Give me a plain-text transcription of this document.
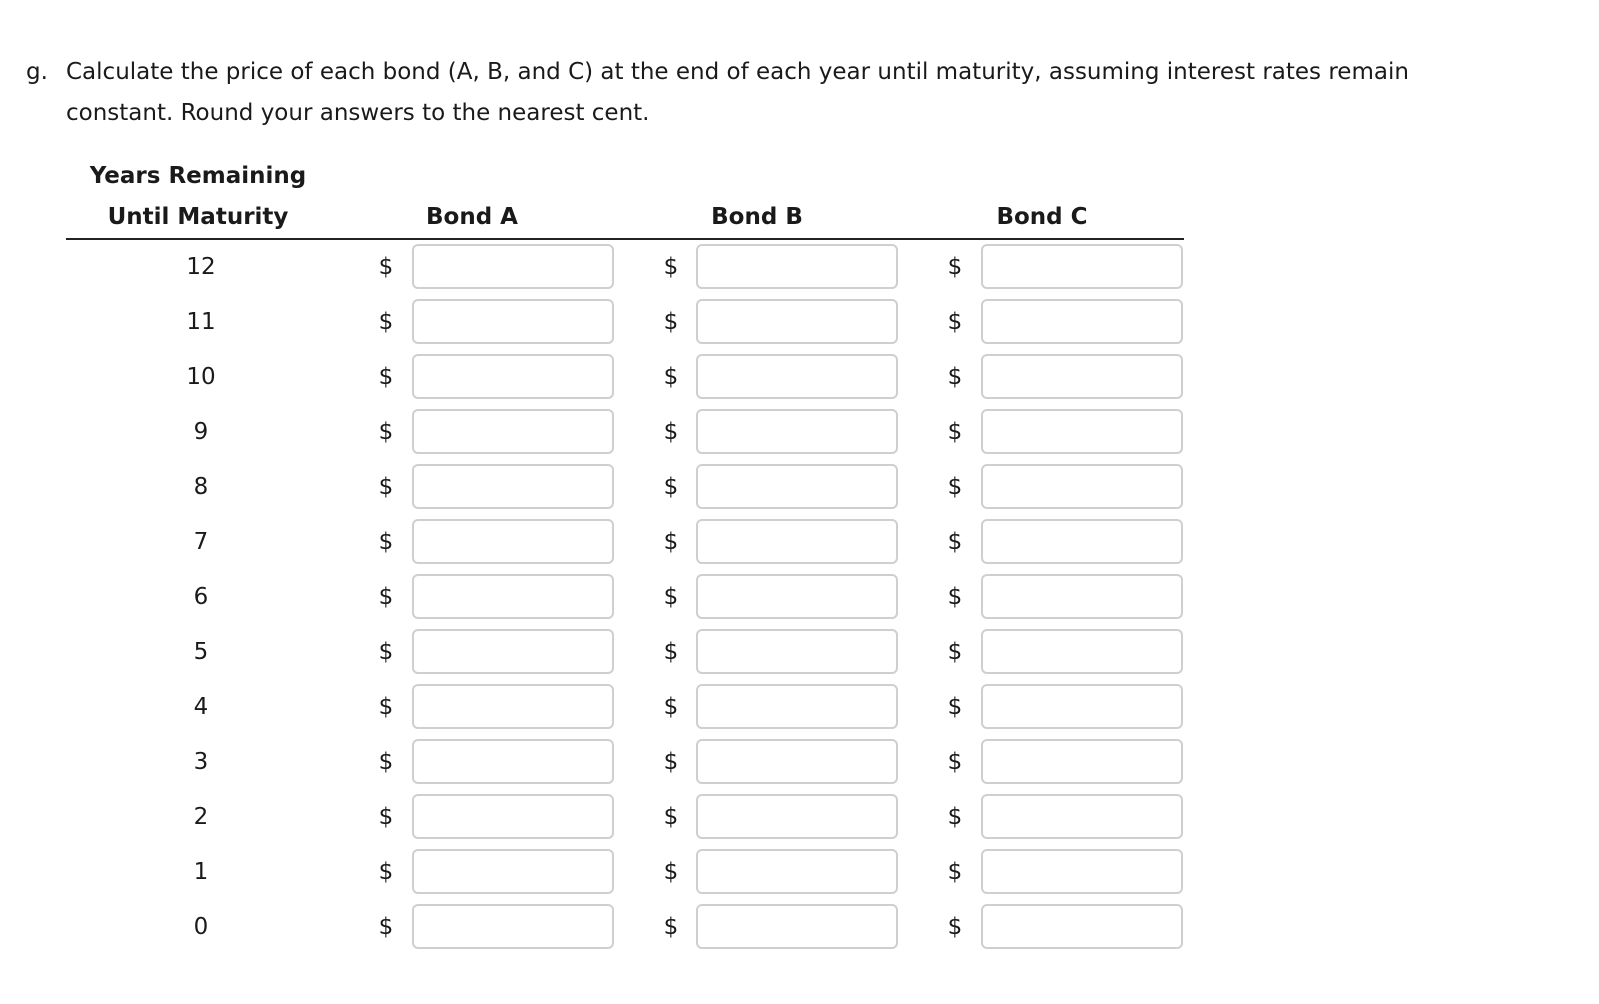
g. Calculate the price of each bond (A, B, and C) at the end of each year until maturity, assuming interest rates remain constant. Round your answers to the nearest cent.
Years Remaining
Until Maturity	Bond A	Bond B	Bond C
12	$	$	$
11	$	$	$
10	$	$	$
9	$	$	$
8	$	$	$
7	$	$	$
6	$	$	$
5	$	$	$
4	$	$	$
3	$	$	$
2	$	$	$
1	$	$	$
0	$	$	$
